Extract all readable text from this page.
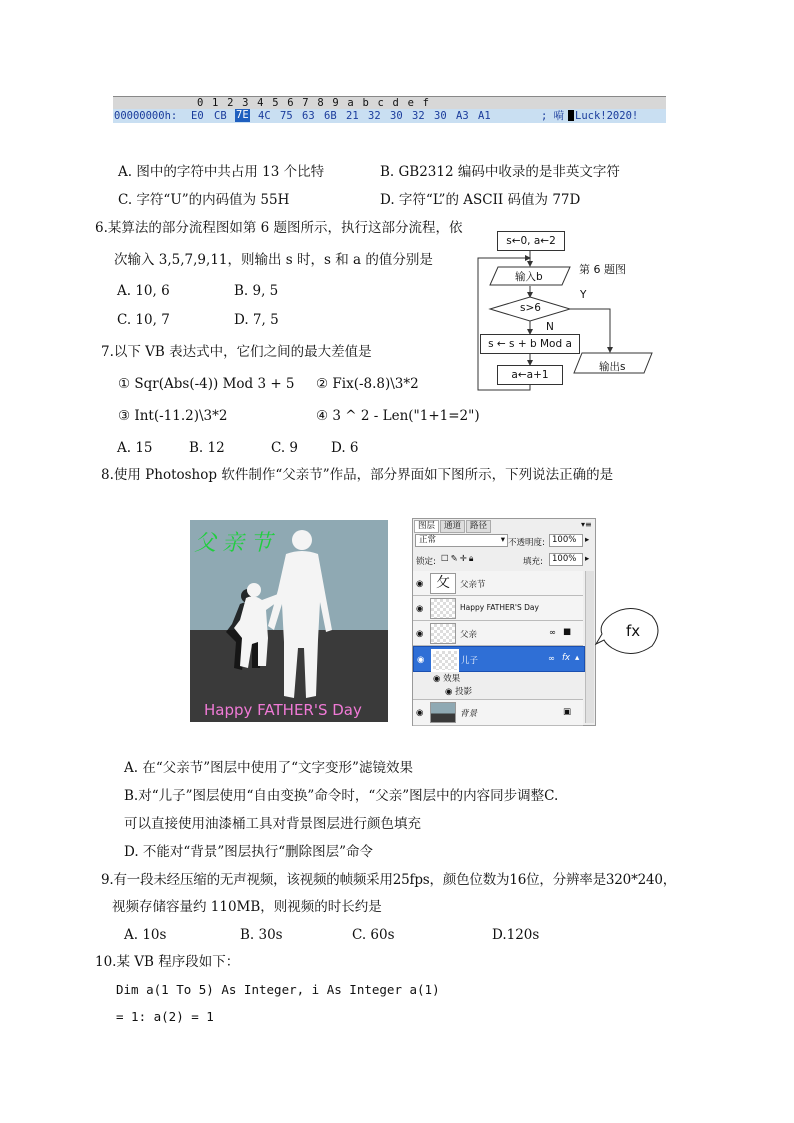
0 1 2 3 4 5 6 7 8 9 a b c d e f
00000000h: E0 CB 7E 4C 75 63 6B 21 32 30 32 30 A3 A1	; 嗬 Luck!2020!
A. 图中的字符中共占用 13 个比特	B. GB2312 编码中收录的是非英文字符
C. 字符“U”的内码值为 55H	D. 字符“L”的 ASCII 码值为 77D
6.某算法的部分流程图如第 6 题图所示，执行这部分流程，依
次输入 3,5,7,9,11，则输出 s 时，s 和 a 的值分别是
A. 10, 6	B. 9, 5
C. 10, 7	D. 7, 5
s←0, a←2
输入b
第 6 题图
s>6
Y
N
s ← s + b Mod a
a←a+1
输出s
7.以下 VB 表达式中，它们之间的最大差值是
① Sqr(Abs(-4)) Mod 3 + 5 ② Fix(-8.8)\3*2
③ Int(-11.2)\3*2	④ 3 ^ 2 - Len("1+1=2")
A. 15	B. 12	C. 9 D. 6
8.使用 Photoshop 软件制作“父亲节”作品，部分界面如下图所示，下列说法正确的是
父亲节
Happy FATHER'S Day
图层	通道	路径	▾≡
正常	▾ 不透明度: 100%	▸
锁定: ☐✎✛🔒︎	填充:	100%	▸
◉ ⺙	父亲节
◉	Happy FATHER'S Day
◉	父亲	∞ ■
◉	儿子	∞ fx ▴
◉ 效果
◉ 投影
◉	背景	▣
fx
A. 在“父亲节”图层中使用了“文字变形”滤镜效果
B.对“儿子”图层使用“自由变换”命令时，“父亲”图层中的内容同步调整C.
可以直接使用油漆桶工具对背景图层进行颜色填充
D. 不能对“背景”图层执行“删除图层”命令
9.有一段未经压缩的无声视频，该视频的帧频采用25fps，颜色位数为16位，分辨率是320*240，
视频存储容量约 110MB，则视频的时长约是
A. 10s	B. 30s	C. 60s	D.120s
10.某 VB 程序段如下：
Dim a(1 To 5) As Integer, i As Integer a(1)
= 1: a(2) = 1
